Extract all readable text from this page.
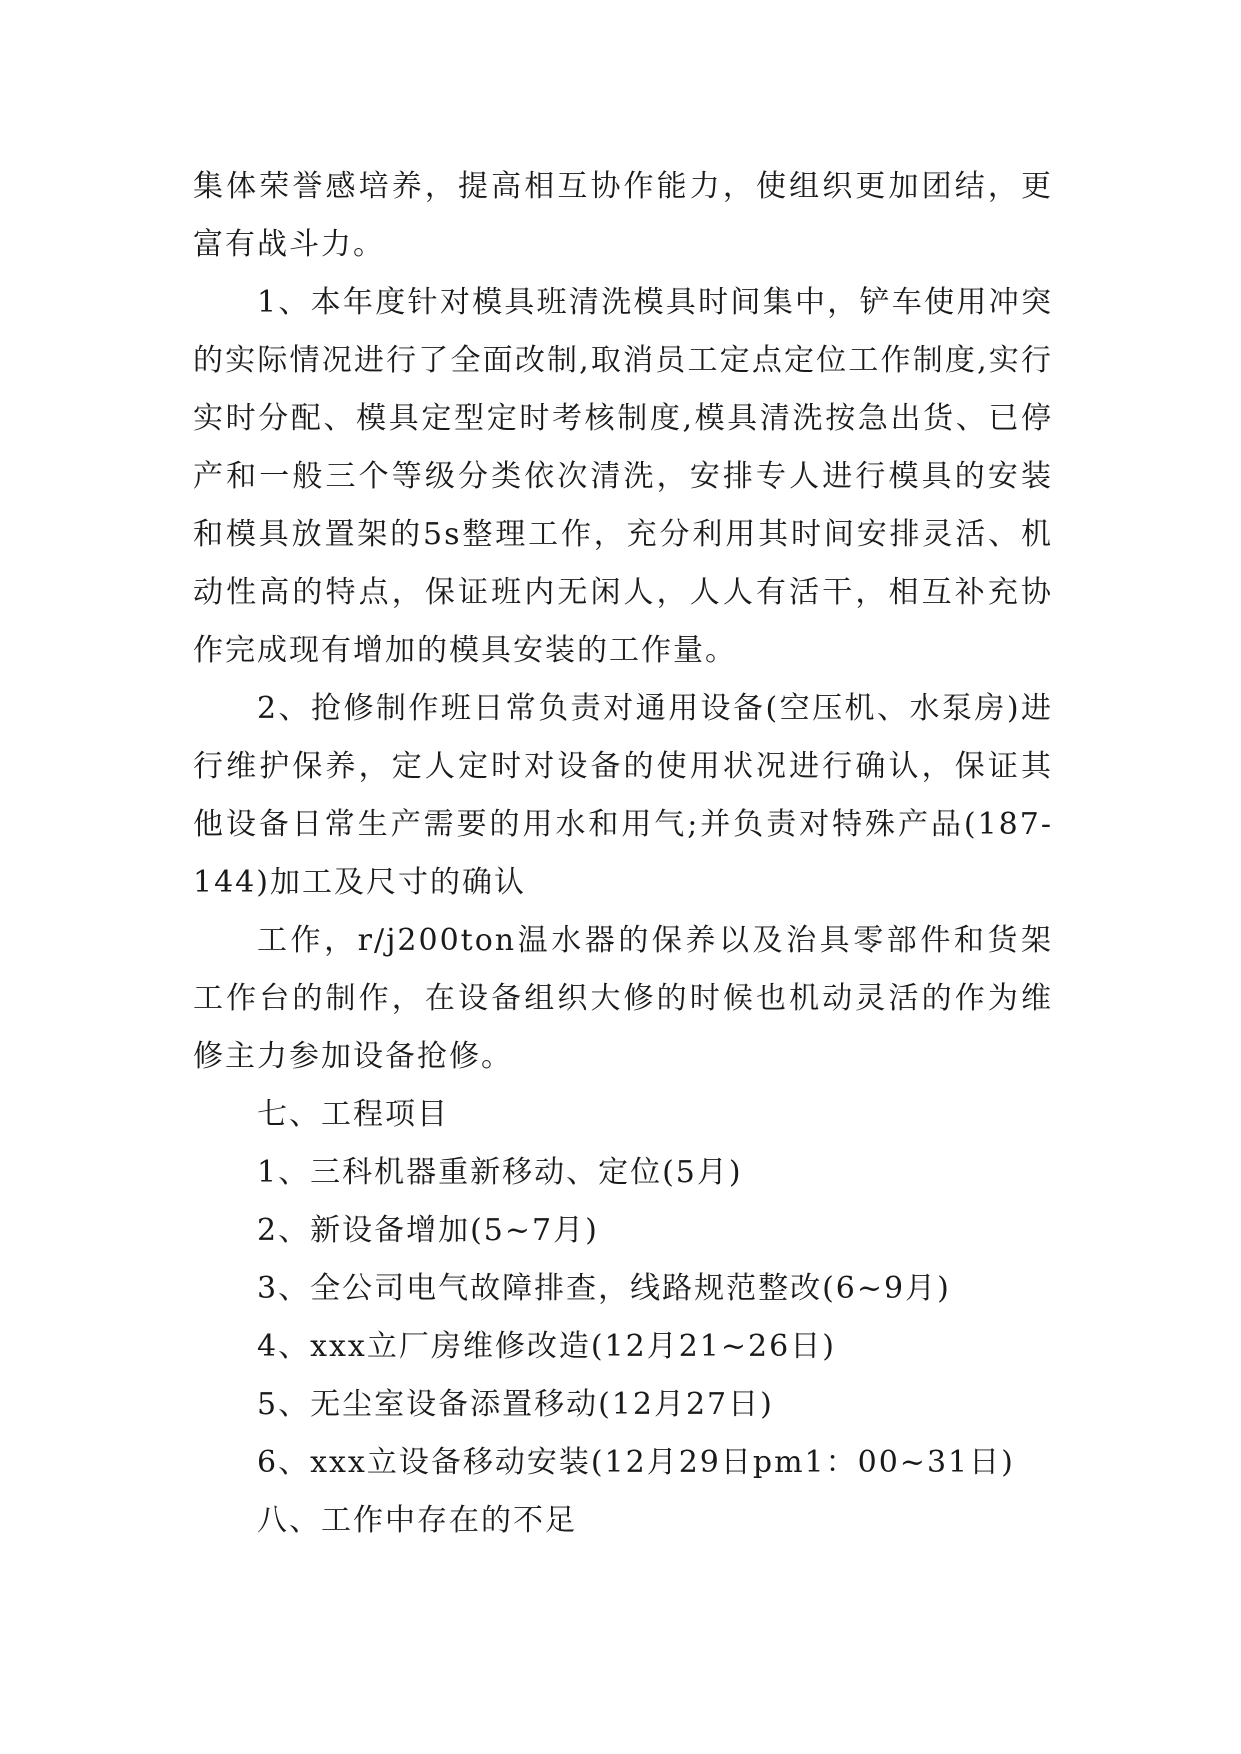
集体荣誉感培养，提高相互协作能力，使组织更加团结，更富有战斗力。

1、本年度针对模具班清洗模具时间集中，铲车使用冲突的实际情况进行了全面改制,取消员工定点定位工作制度,实行实时分配、模具定型定时考核制度,模具清洗按急出货、已停产和一般三个等级分类依次清洗，安排专人进行模具的安装和模具放置架的5s整理工作，充分利用其时间安排灵活、机动性高的特点，保证班内无闲人，人人有活干，相互补充协作完成现有增加的模具安装的工作量。

2、抢修制作班日常负责对通用设备(空压机、水泵房)进行维护保养，定人定时对设备的使用状况进行确认，保证其他设备日常生产需要的用水和用气;并负责对特殊产品(187-144)加工及尺寸的确认

工作，r/j200ton温水器的保养以及治具零部件和货架工作台的制作，在设备组织大修的时候也机动灵活的作为维修主力参加设备抢修。

七、工程项目

1、三科机器重新移动、定位(5月)

2、新设备增加(5~7月)

3、全公司电气故障排查，线路规范整改(6~9月)

4、xxx立厂房维修改造(12月21~26日)

5、无尘室设备添置移动(12月27日)

6、xxx立设备移动安装(12月29日pm1：00~31日)

八、工作中存在的不足
